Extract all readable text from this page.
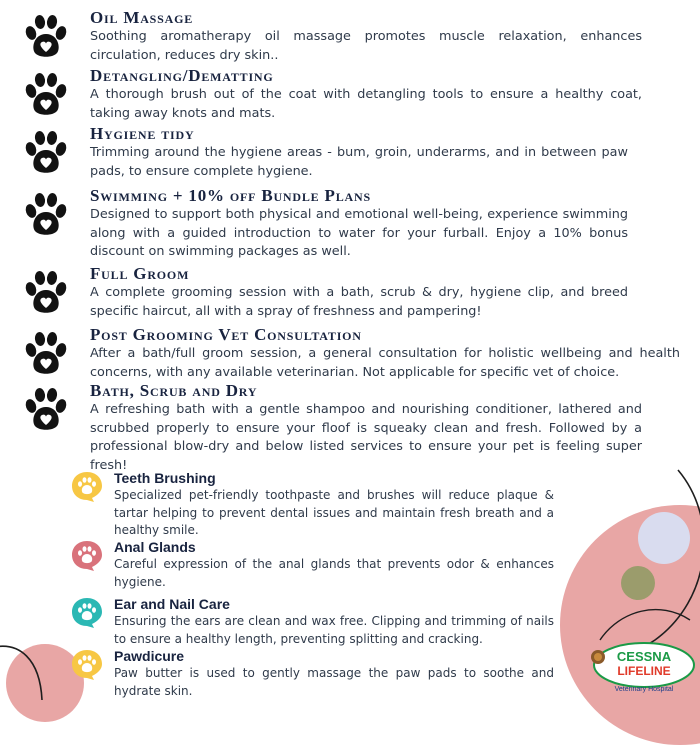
Oil Massage
Soothing aromatherapy oil massage promotes muscle relaxation, enhances circulation, reduces dry skin..
Detangling/Dematting
A thorough brush out of the coat with detangling tools to ensure a healthy coat, taking away knots and mats.
Hygiene tidy
Trimming around the hygiene areas - bum, groin, underarms, and in between paw pads, to ensure complete hygiene.
Swimming + 10% off Bundle Plans
Designed to support both physical and emotional well-being, experience swimming along with a guided introduction to water for your furball. Enjoy a 10% bonus discount on swimming packages as well.
Full Groom
A complete grooming session with a bath, scrub & dry, hygiene clip, and breed specific haircut, all with a spray of freshness and pampering!
Post Grooming Vet Consultation
After a bath/full groom session, a general consultation for holistic wellbeing and health concerns, with any available veterinarian. Not applicable for specific vet of choice.
Bath, Scrub and Dry
A refreshing bath with a gentle shampoo and nourishing conditioner, lathered and scrubbed properly to ensure your floof is squeaky clean and fresh. Followed by a professional blow-dry and below listed services to ensure your pet is feeling super fresh!
Teeth Brushing
Specialized pet-friendly toothpaste and brushes will reduce plaque & tartar helping to prevent dental issues and maintain fresh breath and a healthy smile.
Anal Glands
Careful expression of the anal glands that prevents odor & enhances hygiene.
Ear and Nail Care
Ensuring the ears are clean and wax free. Clipping and trimming of nails to ensure a healthy length, preventing splitting and cracking.
Pawdicure
Paw butter is used to gently massage the paw pads to soothe and hydrate skin.
CESSNA
LIFELINE
Veterinary Hospital
